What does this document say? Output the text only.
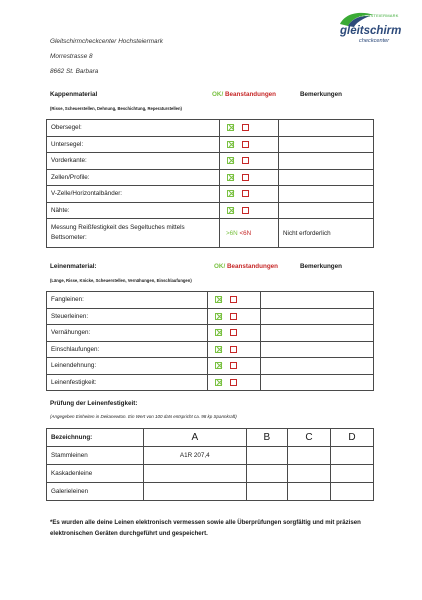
Gleitschirmcheckcenter Hochsteiermark
Morrestrasse 8
8662 St. Barbara
HOCHSTEIERMARK
gleitschirm
checkcenter
Kappenmaterial	OK/ Beanstandungen	Bemerkungen
(Risse, Scheuerstellen, Dehnung, Beschichtung, Reperaturstellen)
Obersegel:		
Untersegel:		
Vorderkante:		
Zellen/Profile:		
V-Zelle/Horizontalbänder:		
Nähte:		
Messung Reißfestigkeit des Segeltuches mittels Bettsometer:	>6N <6N	Nicht erforderlich
Leinenmaterial:	OK/ Beanstandungen	Bemerkungen
(Länge, Risse, Knicke, Scheuerstellen, Vernähungen, Einschlaufungen)
Fangleinen:		
Steuerleinen:		
Vernähungen:		
Einschlaufungen:		
Leinendehnung:		
Leinenfestigkeit:		
Prüfung der Leinenfestigkeit:
(Angegeben Einheiten in Dekanewton. Ein Wert von 100 daN entspricht ca. 98 kp Spannkraft)
Bezeichnung:	A	B	C	D
Stammleinen	A1R 207,4			
Kaskadenleine				
Galerieleinen				
*Es wurden alle deine Leinen elektronisch vermessen sowie alle Überprüfungen sorgfältig und mit präzisen elektronischen Geräten durchgeführt und gespeichert.
